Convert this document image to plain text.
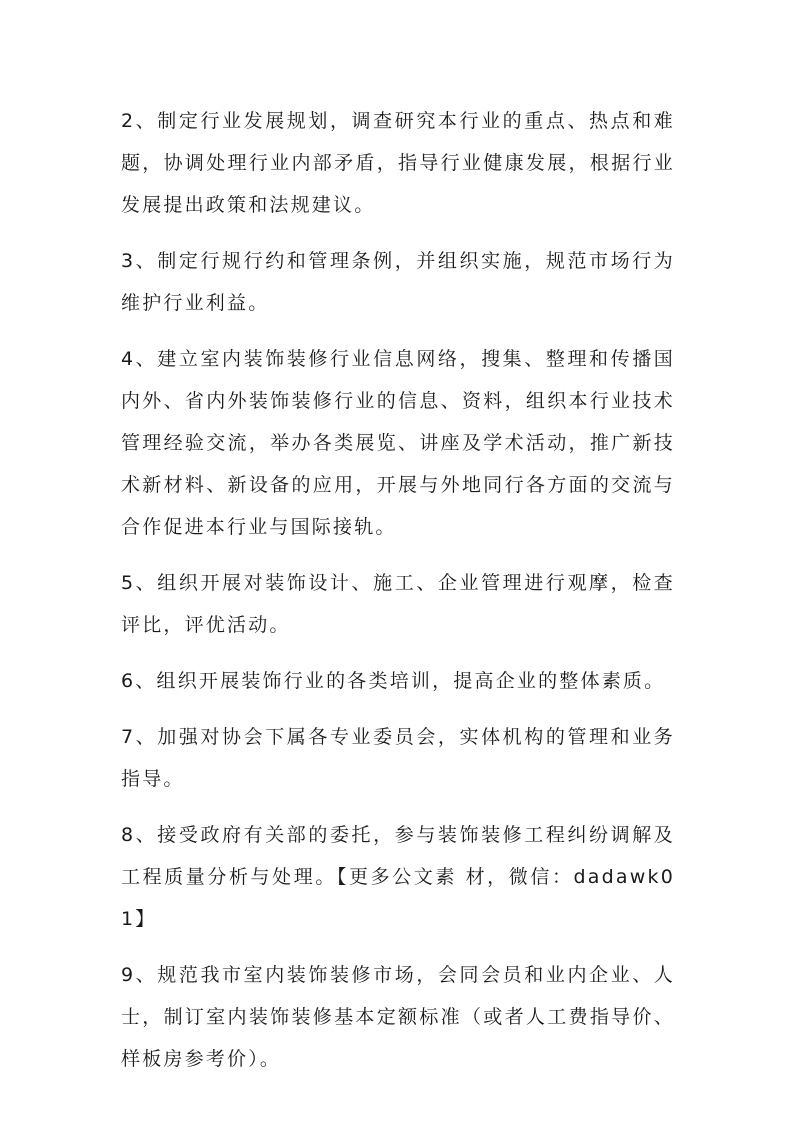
2、制定行业发展规划，调查研究本行业的重点、热点和难题，协调处理行业内部矛盾，指导行业健康发展，根据行业发展提出政策和法规建议。

3、制定行规行约和管理条例，并组织实施，规范市场行为维护行业利益。

4、建立室内装饰装修行业信息网络，搜集、整理和传播国内外、省内外装饰装修行业的信息、资料，组织本行业技术管理经验交流，举办各类展览、讲座及学术活动，推广新技术新材料、新设备的应用，开展与外地同行各方面的交流与合作促进本行业与国际接轨。

5、组织开展对装饰设计、施工、企业管理进行观摩，检查评比，评优活动。

6、组织开展装饰行业的各类培训，提高企业的整体素质。

7、加强对协会下属各专业委员会，实体机构的管理和业务指导。

8、接受政府有关部的委托，参与装饰装修工程纠纷调解及工程质量分析与处理。【更多公文素 材，微信：dadawk01】

9、规范我市室内装饰装修市场，会同会员和业内企业、人士，制订室内装饰装修基本定额标准（或者人工费指导价、样板房参考价）。
